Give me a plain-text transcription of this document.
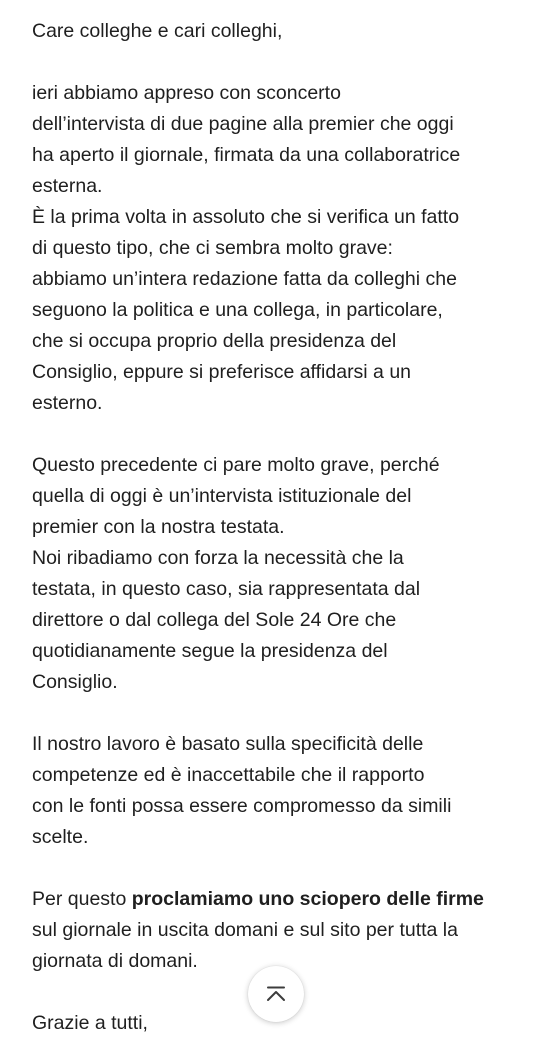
Care colleghe e cari colleghi,
ieri abbiamo appreso con sconcerto
dell’intervista di due pagine alla premier che oggi
ha aperto il giornale, firmata da una collaboratrice
esterna.
È la prima volta in assoluto che si verifica un fatto
di questo tipo, che ci sembra molto grave:
abbiamo un’intera redazione fatta da colleghi che
seguono la politica e una collega, in particolare,
che si occupa proprio della presidenza del
Consiglio, eppure si preferisce affidarsi a un
esterno.
Questo precedente ci pare molto grave, perché
quella di oggi è un’intervista istituzionale del
premier con la nostra testata.
Noi ribadiamo con forza la necessità che la
testata, in questo caso, sia rappresentata dal
direttore o dal collega del Sole 24 Ore che
quotidianamente segue la presidenza del
Consiglio.
Il nostro lavoro è basato sulla specificità delle
competenze ed è inaccettabile che il rapporto
con le fonti possa essere compromesso da simili
scelte.
Per questo proclamiamo uno sciopero delle firme
sul giornale in uscita domani e sul sito per tutta la
giornata di domani.
Grazie a tutti,
